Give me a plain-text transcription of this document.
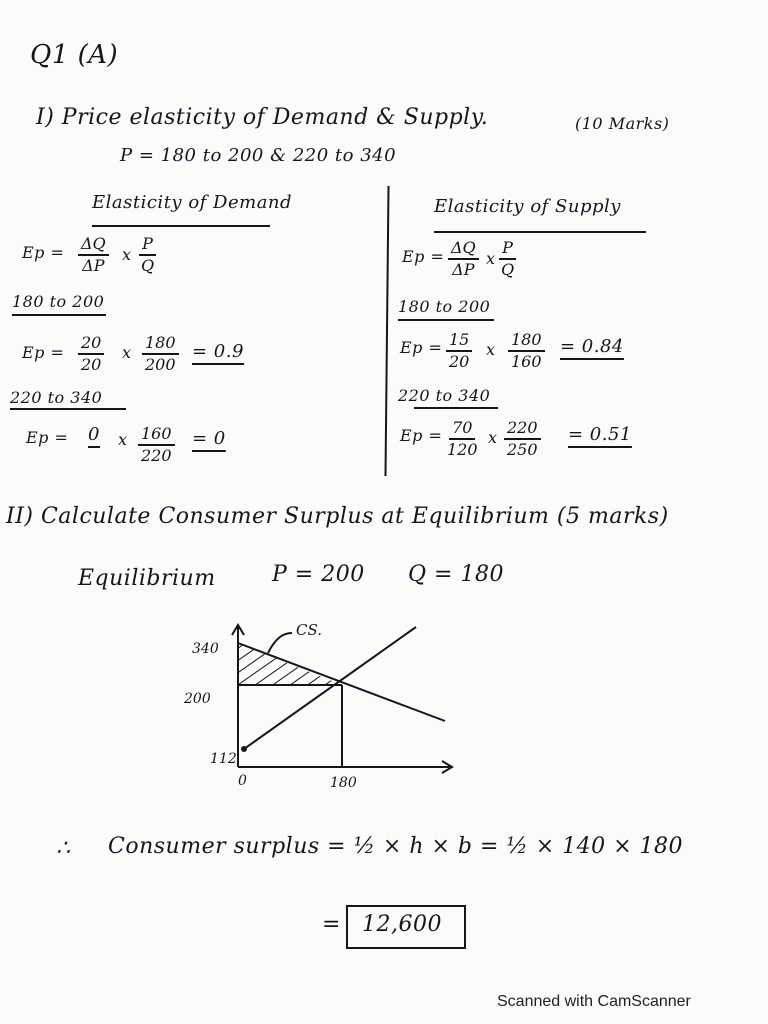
Q1 (A)
I) Price elasticity of Demand & Supply.	(10 Marks)
P = 180 to 200 & 220 to 340
Elasticity of Demand
$Ep = \frac{\Delta Q}{\Delta P}$ x $\frac{P}{Q}$
180 to 200
$Ep = \frac{20}{20}$ x $\frac{180}{200} = 0.9$
220 to 340
Ep = 0 x $\frac{160}{220} = 0$
Elasticity of Supply
$Ep = \frac{\Delta Q}{\Delta P}$ x $\frac{P}{Q}$
180 to 200
$Ep = \frac{15}{20}$ x $\frac{180}{160} = 0.84$
220 to 340
$Ep = \frac{70}{120}$ x $\frac{220}{250} = 0.51$
II) Calculate Consumer Surplus at Equilibrium (5 marks)
Equilibrium	P = 200 Q = 180
CS.
340
200
112
0	180
∴ Consumer surplus = ½ × h × b = ½ × 140 × 180
= 12,600
Scanned with CamScanner
